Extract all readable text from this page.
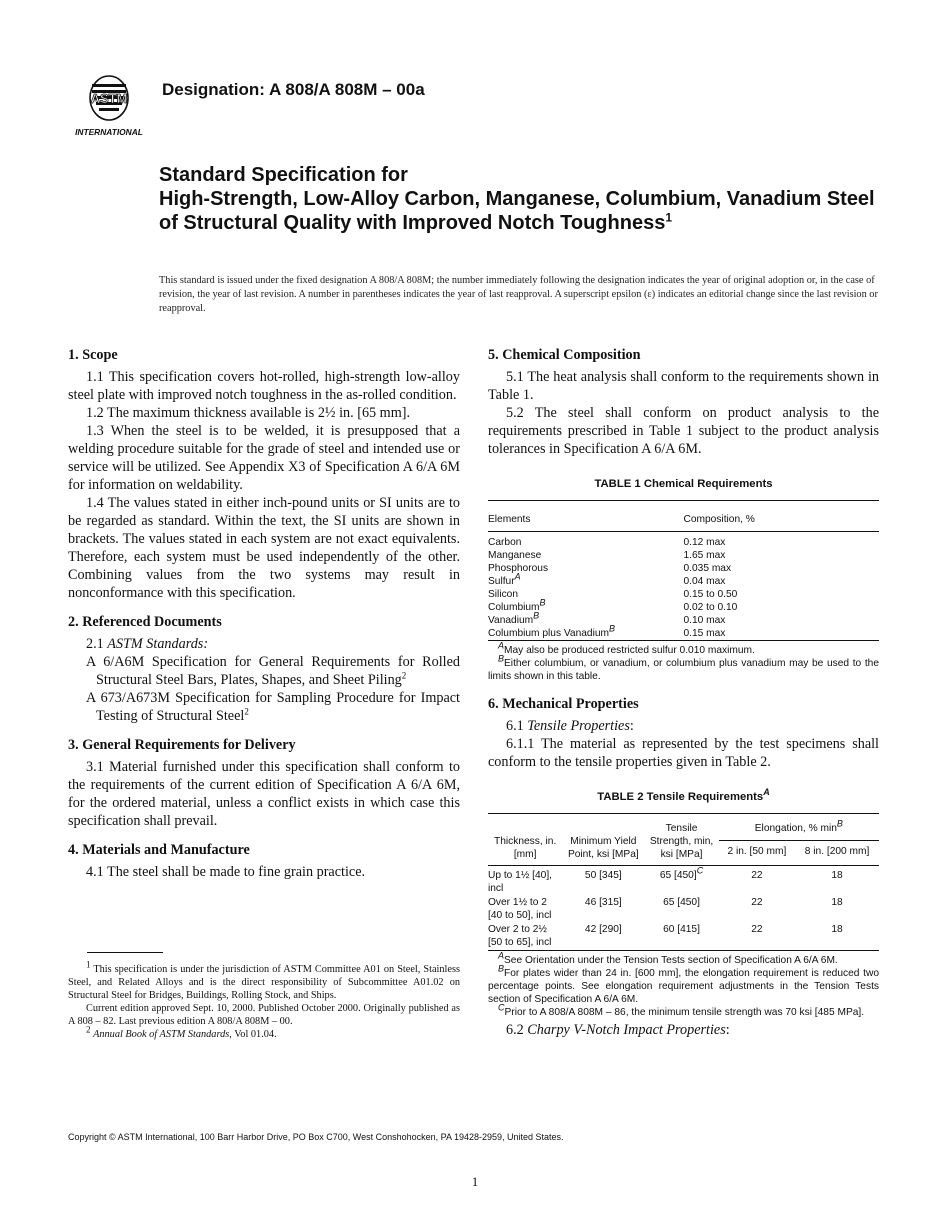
ASTM
INTERNATIONAL
Designation: A 808/A 808M – 00a
Standard Specification for
High-Strength, Low-Alloy Carbon, Manganese, Columbium, Vanadium Steel of Structural Quality with Improved Notch Toughness$^1$
This standard is issued under the fixed designation A 808/A 808M; the number immediately following the designation indicates the year of original adoption or, in the case of revision, the year of last revision. A number in parentheses indicates the year of last reapproval. A superscript epsilon (ε) indicates an editorial change since the last revision or reapproval.
1. Scope

1.1 This specification covers hot-rolled, high-strength low-alloy steel plate with improved notch toughness in the as-rolled condition.

1.2 The maximum thickness available is 2½ in. [65 mm].

1.3 When the steel is to be welded, it is presupposed that a welding procedure suitable for the grade of steel and intended use or service will be utilized. See Appendix X3 of Specification A 6/A 6M for information on weldability.

1.4 The values stated in either inch-pound units or SI units are to be regarded as standard. Within the text, the SI units are shown in brackets. The values stated in each system are not exact equivalents. Therefore, each system must be used independently of the other. Combining values from the two systems may result in nonconformance with this specification.

2. Referenced Documents

2.1 ASTM Standards:

A 6/A6M Specification for General Requirements for Rolled Structural Steel Bars, Plates, Shapes, and Sheet Piling$^2$

A 673/A673M Specification for Sampling Procedure for Impact Testing of Structural Steel$^2$

3. General Requirements for Delivery

3.1 Material furnished under this specification shall conform to the requirements of the current edition of Specification A 6/A 6M, for the ordered material, unless a conflict exists in which case this specification shall prevail.

4. Materials and Manufacture

4.1 The steel shall be made to fine grain practice.

$^1$ This specification is under the jurisdiction of ASTM Committee A01 on Steel, Stainless Steel, and Related Alloys and is the direct responsibility of Subcommittee A01.02 on Structural Steel for Bridges, Buildings, Rolling Stock, and Ships.

Current edition approved Sept. 10, 2000. Published October 2000. Originally published as A 808 – 82. Last previous edition A 808/A 808M – 00.

$^2$ Annual Book of ASTM Standards, Vol 01.04.

5. Chemical Composition

5.1 The heat analysis shall conform to the requirements shown in Table 1.

5.2 The steel shall conform on product analysis to the requirements prescribed in Table 1 subject to the product analysis tolerances in Specification A 6/A 6M.

TABLE 1 Chemical Requirements

Elements	Composition, %

Carbon	0.12 max
Manganese	1.65 max
Phosphorous	0.035 max
Sulfur$^A$	0.04 max
Silicon	0.15 to 0.50
Columbium$^B$	0.02 to 0.10
Vanadium$^B$	0.10 max
Columbium plus Vanadium$^B$	0.15 max

$^A$May also be produced restricted sulfur 0.010 maximum.

$^B$Either columbium, or vanadium, or columbium plus vanadium may be used to the limits shown in this table.

6. Mechanical Properties

6.1 Tensile Properties:

6.1.1 The material as represented by the test specimens shall conform to the tensile properties given in Table 2.

TABLE 2 Tensile Requirements$^A$

Thickness, in. [mm]	Minimum Yield Point, ksi [MPa]	Tensile Strength, min, ksi [MPa]	Elongation, % $\min^B$
			2 in. [50 mm]	8 in. [200 mm]

Up to 1½ [40], incl	50 [345]	65 $[450]^C$	22	18
Over 1½ to 2 [40 to 50], incl	46 [315]	65 [450]	22	18
Over 2 to 2½ [50 to 65], incl	42 [290]	60 [415]	22	18

$^A$See Orientation under the Tension Tests section of Specification A 6/A 6M.

$^B$For plates wider than 24 in. [600 mm], the elongation requirement is reduced two percentage points. See elongation requirement adjustments in the Tension Tests section of Specification A 6/A 6M.

$^C$Prior to A 808/A 808M – 86, the minimum tensile strength was 70 ksi [485 MPa].

6.2 Charpy V-Notch Impact Properties:

Copyright © ASTM International, 100 Barr Harbor Drive, PO Box C700, West Conshohocken, PA 19428-2959, United States.
1
